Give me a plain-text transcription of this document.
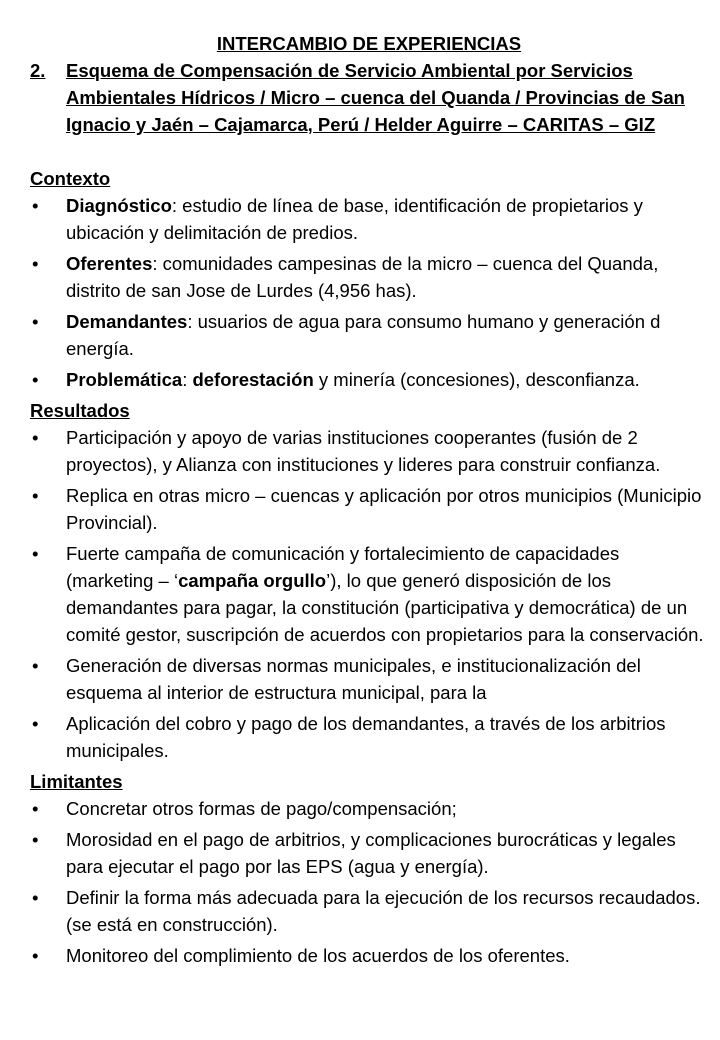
INTERCAMBIO DE EXPERIENCIAS

2.	Esquema de Compensación de Servicio Ambiental por Servicios Ambientales Hídricos / Micro – cuenca del Quanda / Provincias de San Ignacio y Jaén – Cajamarca, Perú / Helder Aguirre – CARITAS – GIZ

Contexto

•	Diagnóstico: estudio de línea de base, identificación de propietarios y ubicación y delimitación de predios.
•	Oferentes: comunidades campesinas de la micro – cuenca del Quanda, distrito de san Jose de Lurdes (4,956 has).
•	Demandantes: usuarios de agua para consumo humano y generación d energía.
•	Problemática: deforestación y minería (concesiones), desconfianza.

Resultados

•	Participación y apoyo de varias instituciones cooperantes (fusión de 2 proyectos), y Alianza con instituciones y lideres para construir confianza.
•	Replica en otras micro – cuencas y aplicación por otros municipios (Municipio Provincial).
•	Fuerte campaña de comunicación y fortalecimiento de capacidades (marketing – ‘campaña orgullo’), lo que generó disposición de los demandantes para pagar, la constitución (participativa y democrática) de un comité gestor, suscripción de acuerdos con propietarios para la conservación.
•	Generación de diversas normas municipales, e institucionalización del esquema al interior de estructura municipal, para la
•	Aplicación del cobro y pago de los demandantes, a través de los arbitrios municipales.

Limitantes

•	Concretar otros formas de pago/compensación;
•	Morosidad en el pago de arbitrios, y complicaciones burocráticas y legales para ejecutar el pago por las EPS (agua y energía).
•	Definir la forma más adecuada para la ejecución de los recursos recaudados. (se está en construcción).
•	Monitoreo del complimiento de los acuerdos de los oferentes.
